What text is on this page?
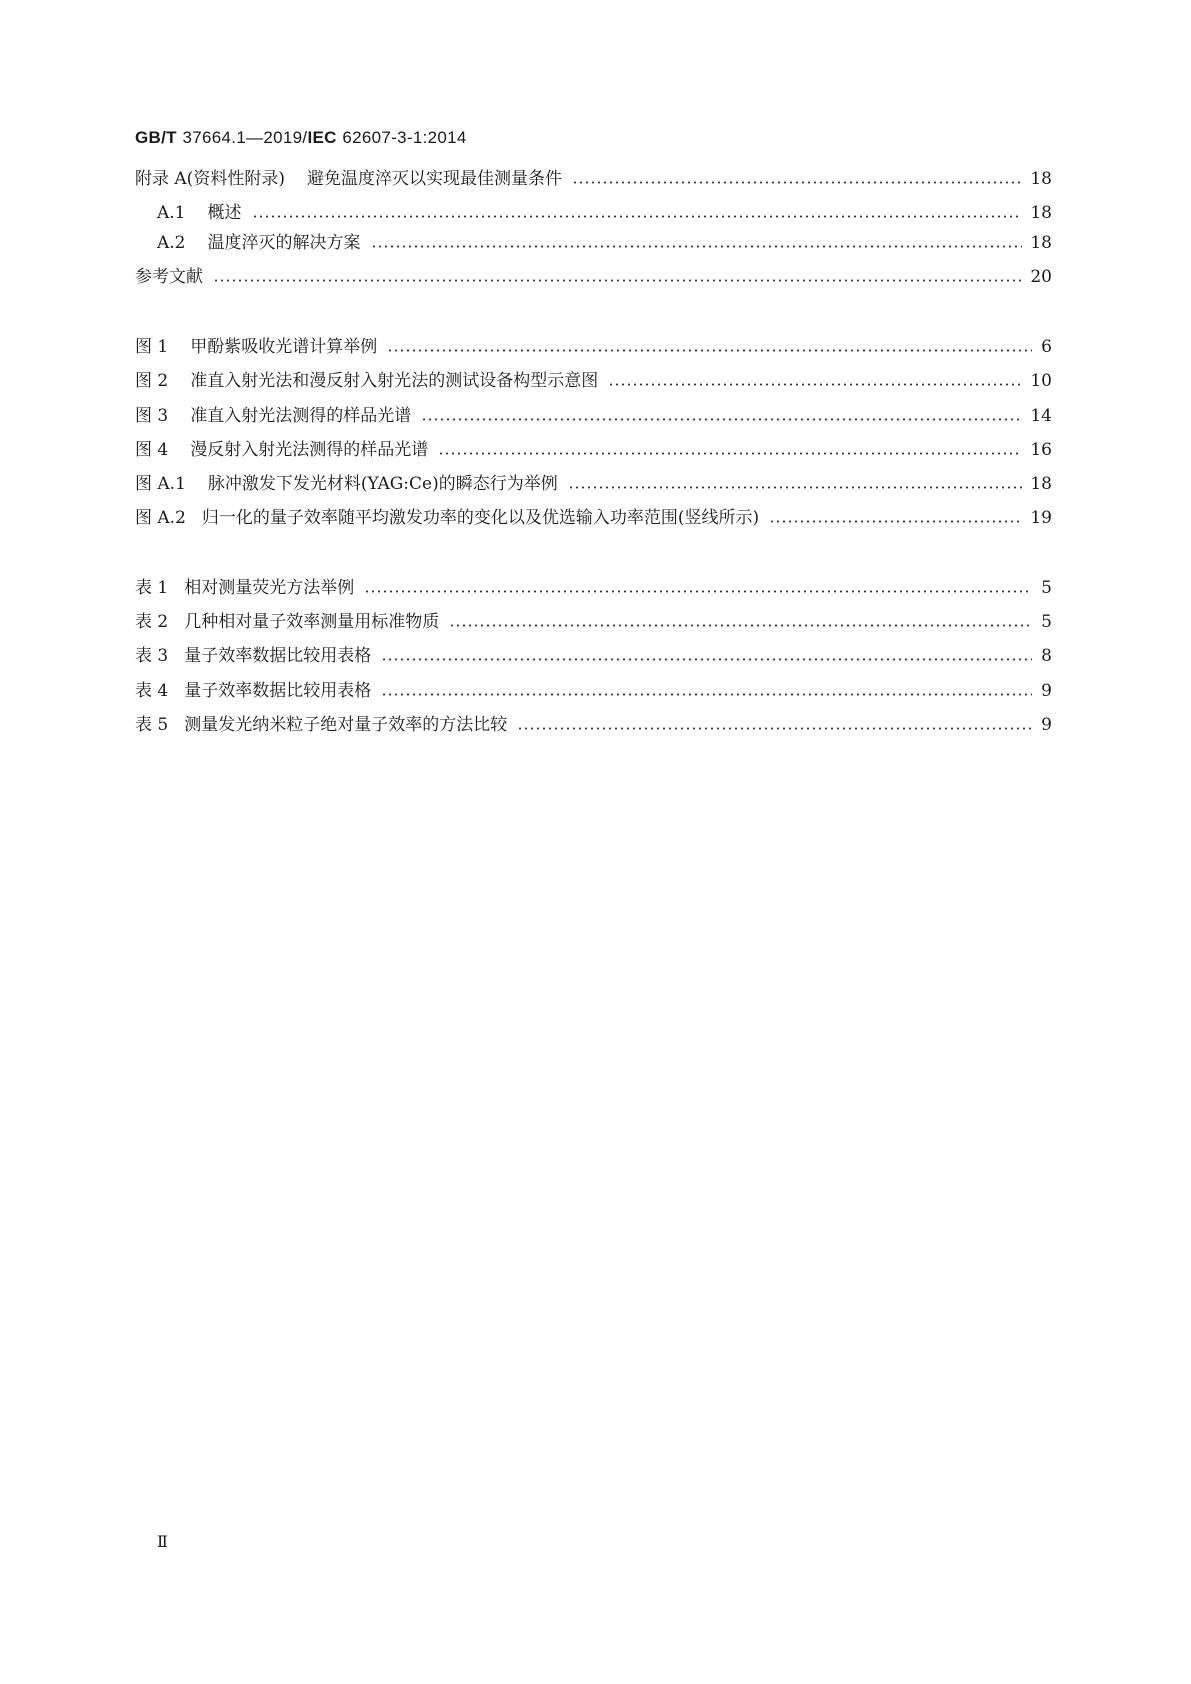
GB/T 37664.1—2019/IEC 62607-3-1:2014
附录 A(资料性附录) 避免温度淬灭以实现最佳测量条件	18
A.1 概述	18
A.2 温度淬灭的解决方案	18
参考文献	20
图 1 甲酚紫吸收光谱计算举例	6
图 2 准直入射光法和漫反射入射光法的测试设备构型示意图	10
图 3 准直入射光法测得的样品光谱	14
图 4 漫反射入射光法测得的样品光谱	16
图 A.1 脉冲激发下发光材料(YAG:Ce)的瞬态行为举例	18
图 A.2 归一化的量子效率随平均激发功率的变化以及优选输入功率范围(竖线所示)	19
表 1 相对测量荧光方法举例	5
表 2 几种相对量子效率测量用标准物质	5
表 3 量子效率数据比较用表格	8
表 4 量子效率数据比较用表格	9
表 5 测量发光纳米粒子绝对量子效率的方法比较	9
Ⅱ
